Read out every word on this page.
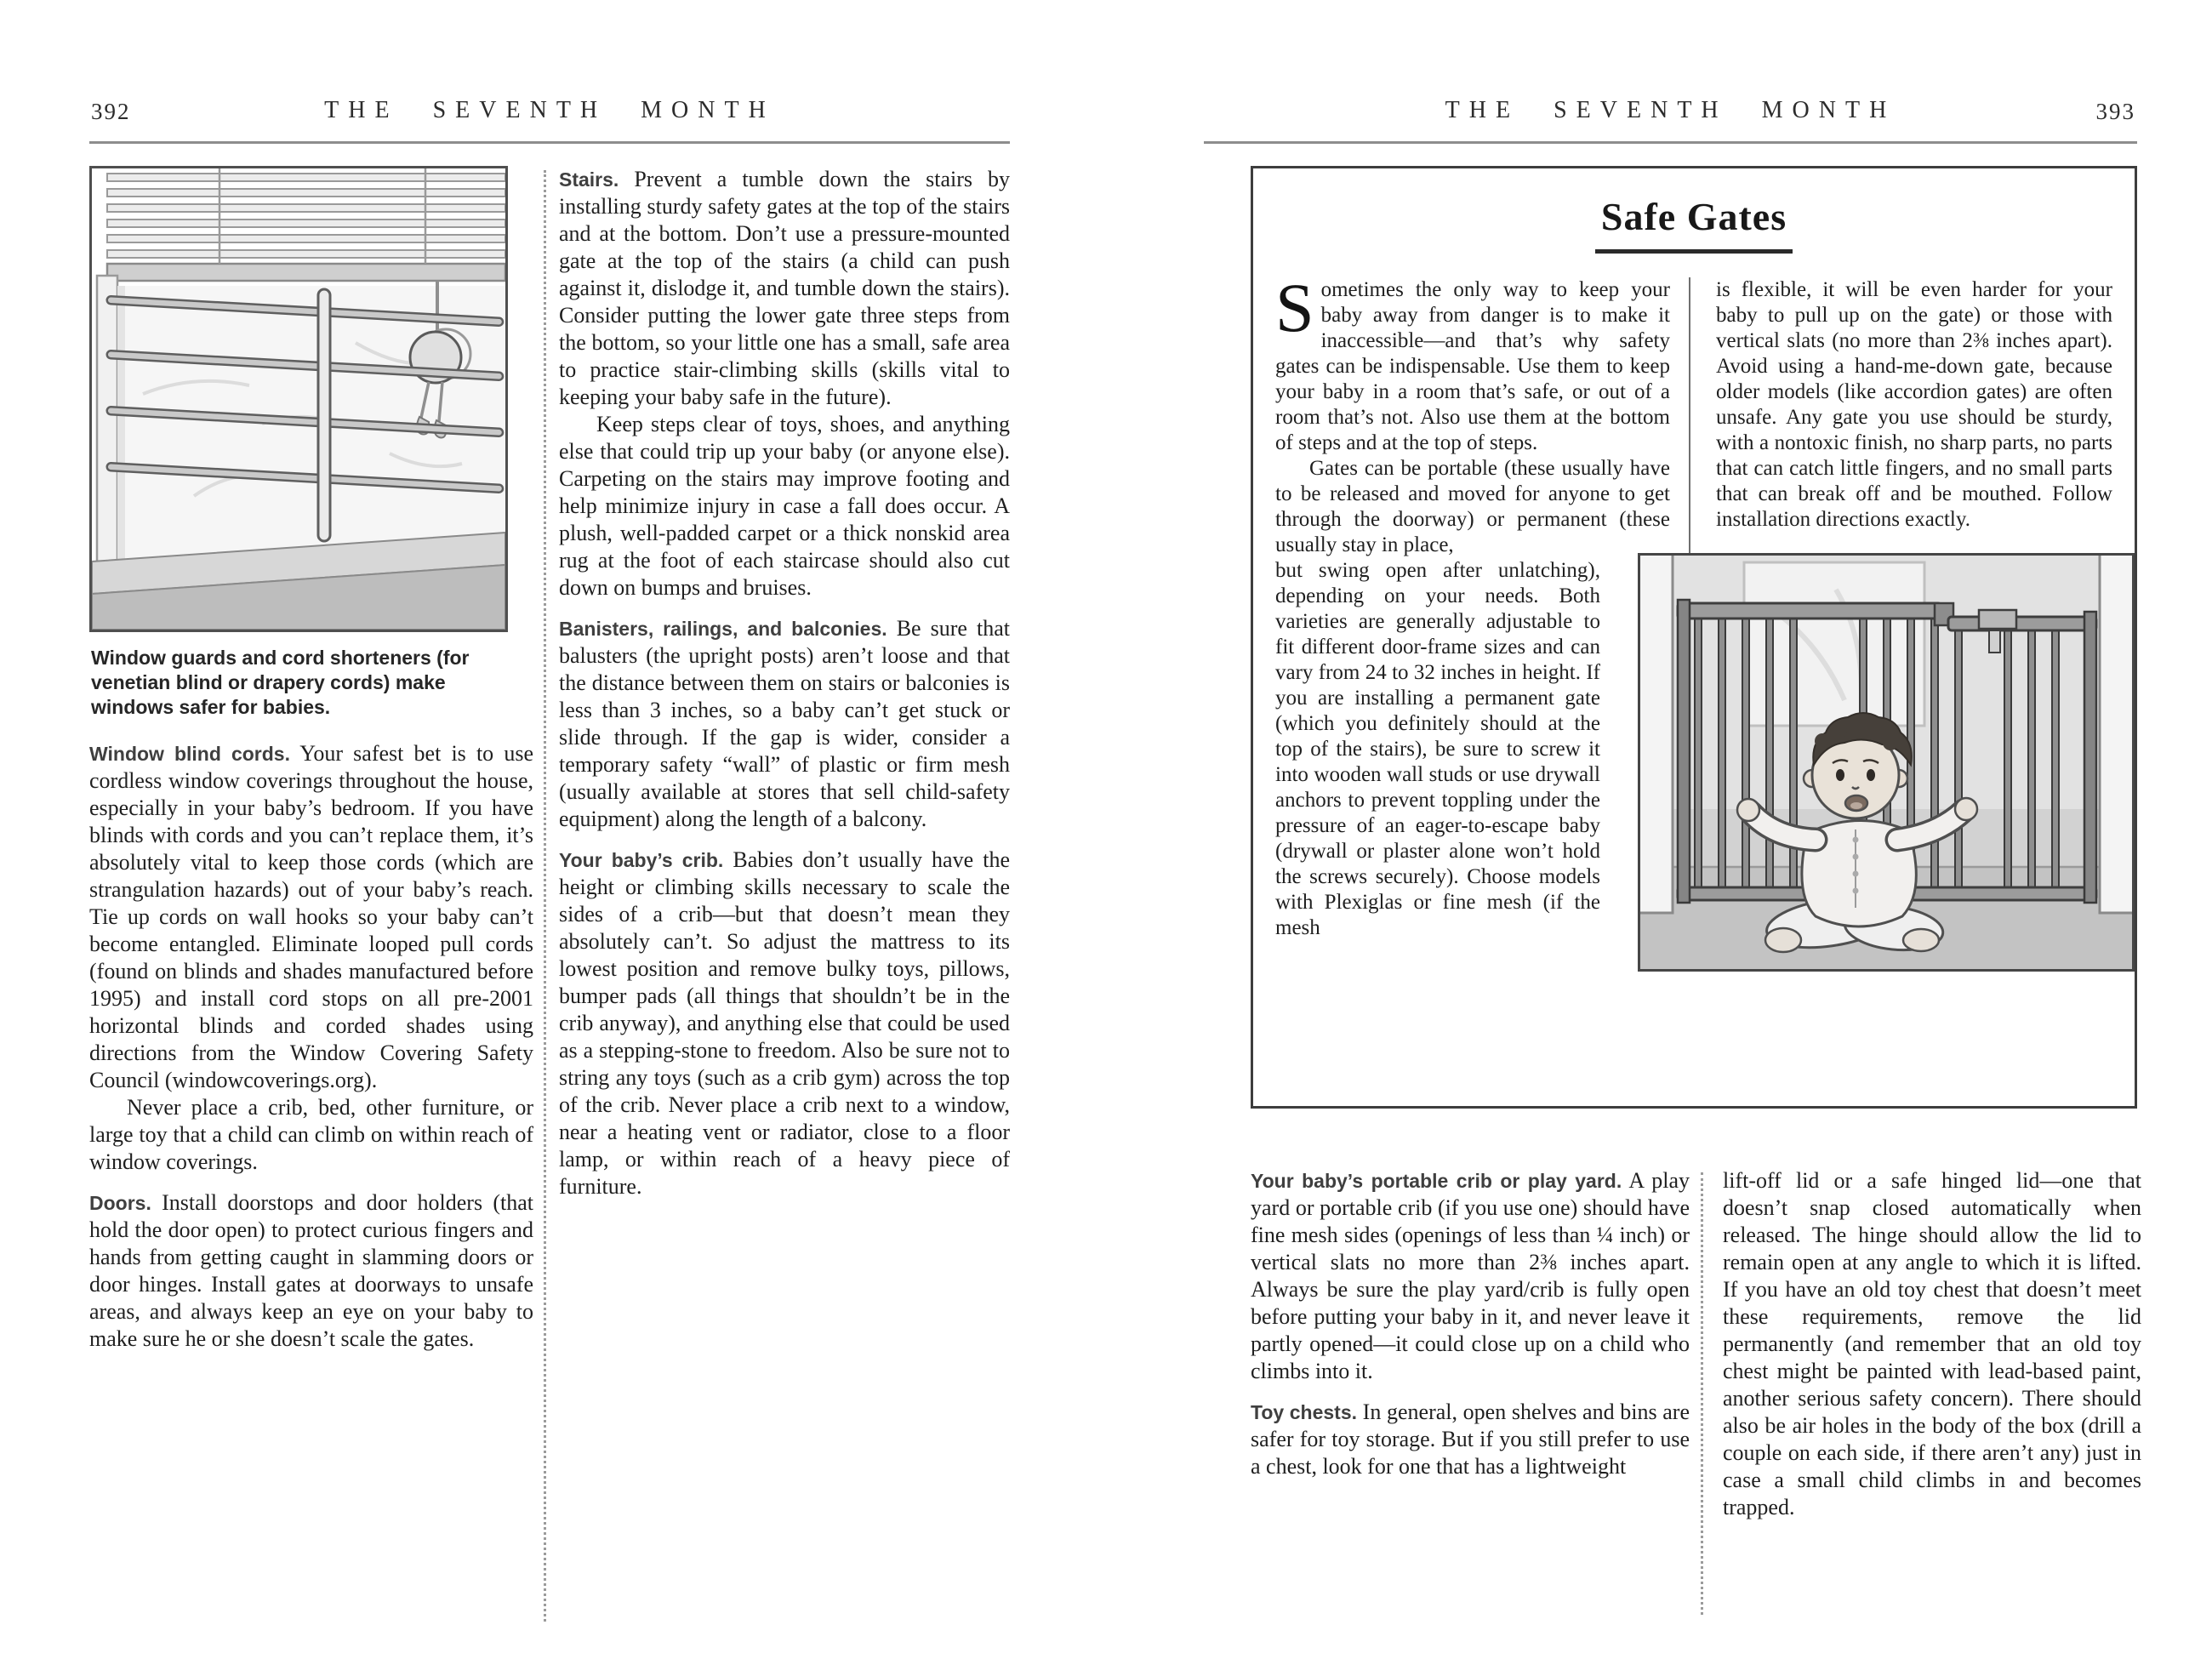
392	THE SEVENTH MONTH
Window guards and cord shorteners (for venetian blind or drapery cords) make windows safer for babies.

Window blind cords. Your safest bet is to use cordless window coverings throughout the house, especially in your baby’s bedroom. If you have blinds with cords and you can’t replace them, it’s absolutely vital to keep those cords (which are strangulation hazards) out of your baby’s reach. Tie up cords on wall hooks so your baby can’t become entangled. Eliminate looped pull cords (found on blinds and shades manufactured before 1995) and install cord stops on all pre-2001 horizontal blinds and corded shades using directions from the Window Covering Safety Council (windowcoverings.org).

Never place a crib, bed, other furniture, or large toy that a child can climb on within reach of window coverings.

Doors. Install doorstops and door holders (that hold the door open) to protect curious fingers and hands from getting caught in slamming doors or door hinges. Install gates at doorways to unsafe areas, and always keep an eye on your baby to make sure he or she doesn’t scale the gates.

Stairs. Prevent a tumble down the stairs by installing sturdy safety gates at the top of the stairs and at the bottom. Don’t use a pressure-mounted gate at the top of the stairs (a child can push against it, dislodge it, and tumble down the stairs). Consider putting the lower gate three steps from the bottom, so your little one has a small, safe area to practice stair-climbing skills (skills vital to keeping your baby safe in the future).

Keep steps clear of toys, shoes, and anything else that could trip up your baby (or anyone else). Carpeting on the stairs may improve footing and help minimize injury in case a fall does occur. A plush, well-padded carpet or a thick nonskid area rug at the foot of each staircase should also cut down on bumps and bruises.

Banisters, railings, and balconies. Be sure that balusters (the upright posts) aren’t loose and that the distance between them on stairs or balconies is less than 3 inches, so a baby can’t get stuck or slide through. If the gap is wider, consider a temporary safety “wall” of plastic or firm mesh (usually available at stores that sell child-safety equipment) along the length of a balcony.

Your baby’s crib. Babies don’t usually have the height or climbing skills necessary to scale the sides of a crib—but that doesn’t mean they absolutely can’t. So adjust the mattress to its lowest position and remove bulky toys, pillows, bumper pads (all things that shouldn’t be in the crib anyway), and anything else that could be used as a stepping-stone to freedom. Also be sure not to string any toys (such as a crib gym) across the top of the crib. Never place a crib next to a window, near a heating vent or radiator, close to a floor lamp, or within reach of a heavy piece of furniture.

THE SEVENTH MONTH	393
Safe Gates

Sometimes the only way to keep your baby away from danger is to make it inaccessible—and that’s why safety gates can be indispensable. Use them to keep your baby in a room that’s safe, or out of a room that’s not. Also use them at the bottom of steps and at the top of steps.

Gates can be portable (these usually have to be released and moved for anyone to get through the doorway) or permanent (these usually stay in place,

but swing open after unlatching), depending on your needs. Both varieties are generally adjustable to fit different door-frame sizes and can vary from 24 to 32 inches in height. If you are installing a permanent gate (which you definitely should at the top of the stairs), be sure to screw it into wooden wall studs or use drywall anchors to prevent toppling under the pressure of an eager-to-escape baby (drywall or plaster alone won’t hold the screws securely). Choose models with Plexiglas or fine mesh (if the mesh

is flexible, it will be even harder for your baby to pull up on the gate) or those with vertical slats (no more than 2⅜ inches apart). Avoid using a hand-me-down gate, because older models (like accordion gates) are often unsafe. Any gate you use should be sturdy, with a nontoxic finish, no sharp parts, no parts that can catch little fingers, and no small parts that can break off and be mouthed. Follow installation directions exactly.

Your baby’s portable crib or play yard. A play yard or portable crib (if you use one) should have fine mesh sides (openings of less than ¼ inch) or vertical slats no more than 2⅜ inches apart. Always be sure the play yard/crib is fully open before putting your baby in it, and never leave it partly opened—it could close up on a child who climbs into it.

Toy chests. In general, open shelves and bins are safer for toy storage. But if you still prefer to use a chest, look for one that has a lightweight

lift-off lid or a safe hinged lid—one that doesn’t snap closed automatically when released. The hinge should allow the lid to remain open at any angle to which it is lifted. If you have an old toy chest that doesn’t meet these requirements, remove the lid permanently (and remember that an old toy chest might be painted with lead-based paint, another serious safety concern). There should also be air holes in the body of the box (drill a couple on each side, if there aren’t any) just in case a small child climbs in and becomes trapped.
